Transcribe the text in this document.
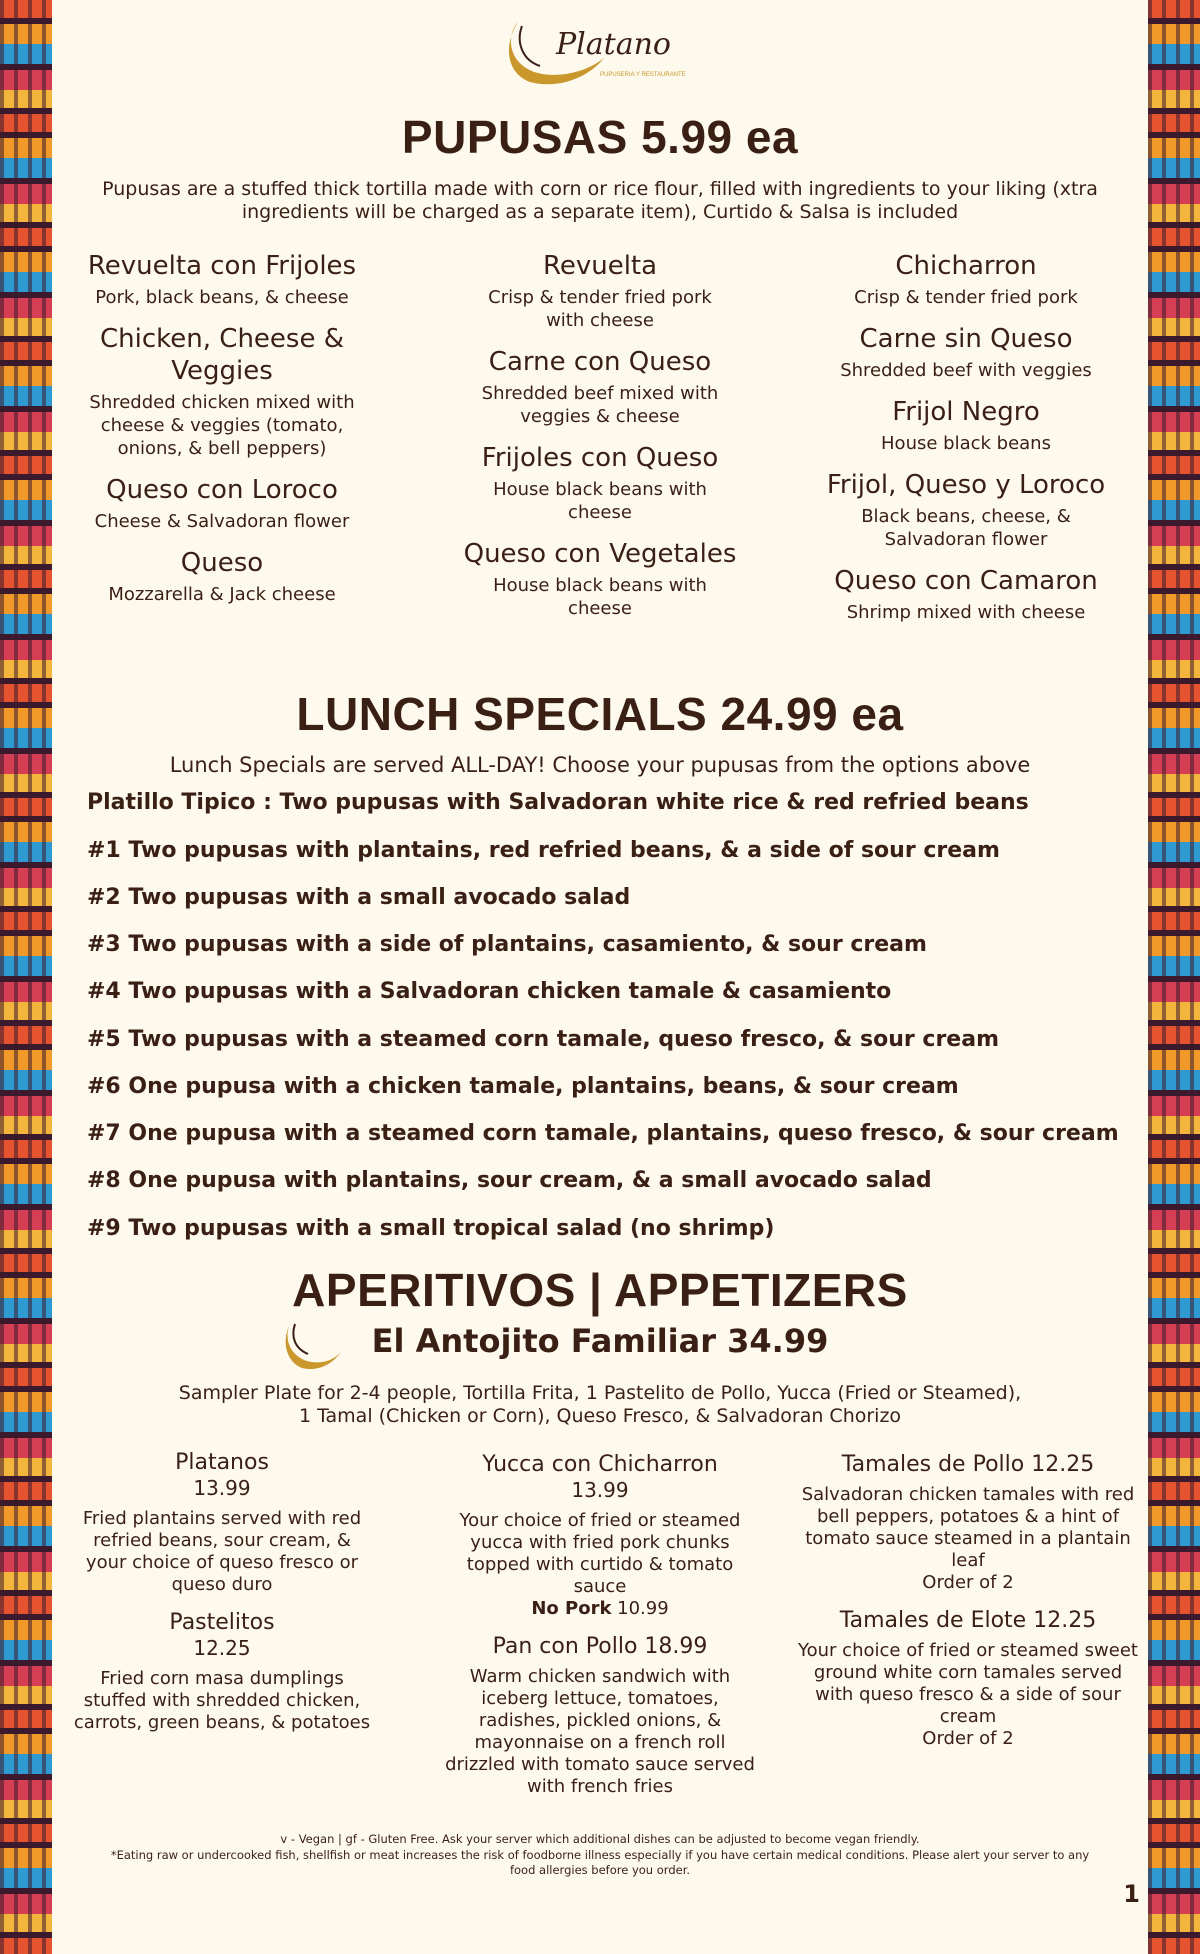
Platano
PUPUSERIA Y RESTAURANTE
PUPUSAS 5.99 ea
Pupusas are a stuffed thick tortilla made with corn or rice flour, filled with ingredients to your liking (xtra ingredients will be charged as a separate item), Curtido & Salsa is included
Revuelta con Frijoles
Pork, black beans, & cheese
Chicken, Cheese & Veggies
Shredded chicken mixed with cheese & veggies (tomato, onions, & bell peppers)
Queso con Loroco
Cheese & Salvadoran flower
Queso
Mozzarella & Jack cheese
Revuelta
Crisp & tender fried pork with cheese
Carne con Queso
Shredded beef mixed with veggies & cheese
Frijoles con Queso
House black beans with cheese
Queso con Vegetales
House black beans with cheese
Chicharron
Crisp & tender fried pork
Carne sin Queso
Shredded beef with veggies
Frijol Negro
House black beans
Frijol, Queso y Loroco
Black beans, cheese, & Salvadoran flower
Queso con Camaron
Shrimp mixed with cheese
LUNCH SPECIALS 24.99 ea
Lunch Specials are served ALL-DAY! Choose your pupusas from the options above
Platillo Tipico : Two pupusas with Salvadoran white rice & red refried beans
#1 Two pupusas with plantains, red refried beans, & a side of sour cream
#2 Two pupusas with a small avocado salad
#3 Two pupusas with a side of plantains, casamiento, & sour cream
#4 Two pupusas with a Salvadoran chicken tamale & casamiento
#5 Two pupusas with a steamed corn tamale, queso fresco, & sour cream
#6 One pupusa with a chicken tamale, plantains, beans, & sour cream
#7 One pupusa with a steamed corn tamale, plantains, queso fresco, & sour cream
#8 One pupusa with plantains, sour cream, & a small avocado salad
#9 Two pupusas with a small tropical salad (no shrimp)
APERITIVOS | APPETIZERS
El Antojito Familiar 34.99
Sampler Plate for 2-4 people, Tortilla Frita, 1 Pastelito de Pollo, Yucca (Fried or Steamed), 1 Tamal (Chicken or Corn), Queso Fresco, & Salvadoran Chorizo
Platanos
13.99
Fried plantains served with red refried beans, sour cream, & your choice of queso fresco or queso duro
Pastelitos
12.25
Fried corn masa dumplings stuffed with shredded chicken, carrots, green beans, & potatoes
Yucca con Chicharron
13.99
Your choice of fried or steamed yucca with fried pork chunks topped with curtido & tomato sauce
No Pork 10.99
Pan con Pollo 18.99
Warm chicken sandwich with iceberg lettuce, tomatoes, radishes, pickled onions, & mayonnaise on a french roll drizzled with tomato sauce served with french fries
Tamales de Pollo 12.25
Salvadoran chicken tamales with red bell peppers, potatoes & a hint of tomato sauce steamed in a plantain leaf
Order of 2
Tamales de Elote 12.25
Your choice of fried or steamed sweet ground white corn tamales served with queso fresco & a side of sour cream
Order of 2
v - Vegan | gf - Gluten Free. Ask your server which additional dishes can be adjusted to become vegan friendly.
*Eating raw or undercooked fish, shellfish or meat increases the risk of foodborne illness especially if you have certain medical conditions. Please alert your server to any food allergies before you order.
1
